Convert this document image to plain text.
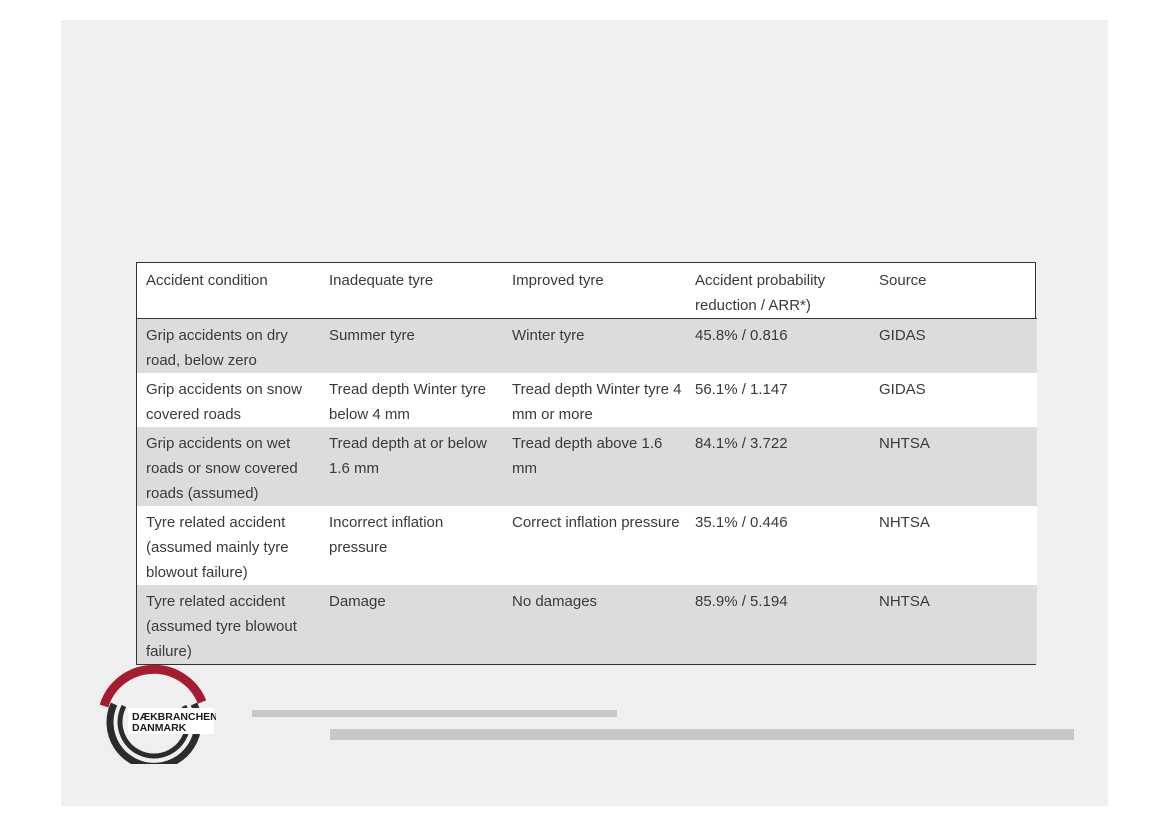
Accident condition	Inadequate tyre	Improved tyre	Accident probability reduction / ARR*)	Source
Grip accidents on dry road, below zero	Summer tyre	Winter tyre	45.8% / 0.816	GIDAS
Grip accidents on snow covered roads	Tread depth Winter tyre below 4 mm	Tread depth Winter tyre 4 mm or more	56.1% / 1.147	GIDAS
Grip accidents on wet roads or snow covered roads (assumed)	Tread depth at or below 1.6 mm	Tread depth above 1.6 mm	84.1% / 3.722	NHTSA
Tyre related accident (assumed mainly tyre blowout failure)	Incorrect inflation pressure	Correct inflation pressure	35.1% / 0.446	NHTSA
Tyre related accident (assumed tyre blowout failure)	Damage	No damages	85.9% / 5.194	NHTSA
DÆKBRANCHEN
DANMARK
